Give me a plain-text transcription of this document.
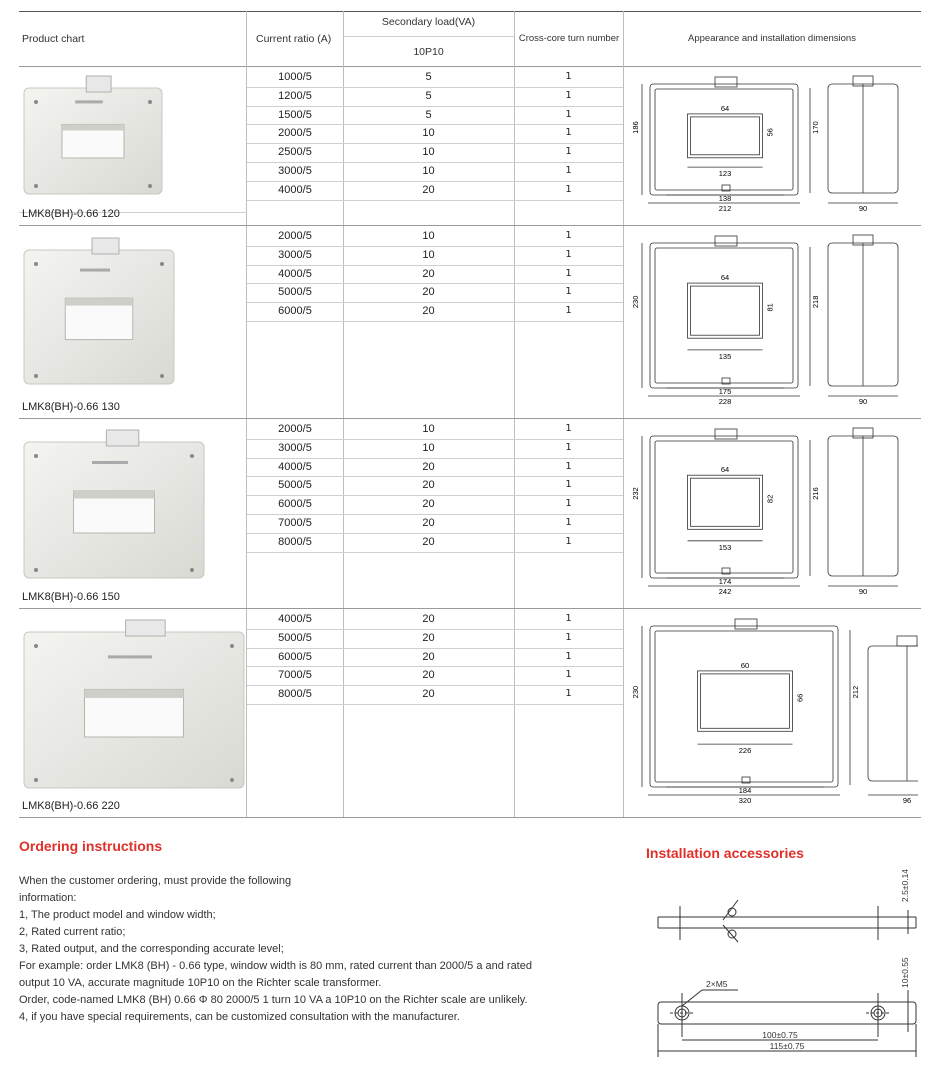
Product chart	Current ratio (A)
Secondary load(VA)
10P10
Cross-core turn number	Appearance and installation dimensions
1000/5	5	1
1200/5	5	1
1500/5	5	1
2000/5	10	1
2500/5	10	1
3000/5	10	1
4000/5	20	1
LMK8(BH)-0.66 120
64
56
123
186	170
138
212	90
2000/5	10	1
3000/5	10	1
4000/5	20	1
5000/5	20	1
6000/5	20	1
LMK8(BH)-0.66 130
64
81
135
230	218
175
228	90
2000/5	10	1
3000/5	10	1
4000/5	20	1
5000/5	20	1
6000/5	20	1
7000/5	20	1
8000/5	20	1
LMK8(BH)-0.66 150
64
82
153
232	216
174
242	90
4000/5	20	1
5000/5	20	1
6000/5	20	1
7000/5	20	1
8000/5	20	1
LMK8(BH)-0.66 220
60
66
226
230	212
184
320	96
Ordering instructions
When the customer ordering, must provide the following
information:
1, The product model and window width;
2, Rated current ratio;
3, Rated output, and the corresponding accurate level;
For example: order LMK8 (BH) - 0.66 type, window width is 80 mm, rated current than 2000/5 a and rated
output 10 VA, accurate magnitude 10P10 on the Richter scale transformer.
Order, code-named LMK8 (BH) 0.66 Φ 80 2000/5 1 turn 10 VA a 10P10 on the Richter scale are unlikely.
4, if you have special requirements, can be customized consultation with the manufacturer.
Installation accessories
2.5±0.14
10±0.55
2×M5
100±0.75
115±0.75
